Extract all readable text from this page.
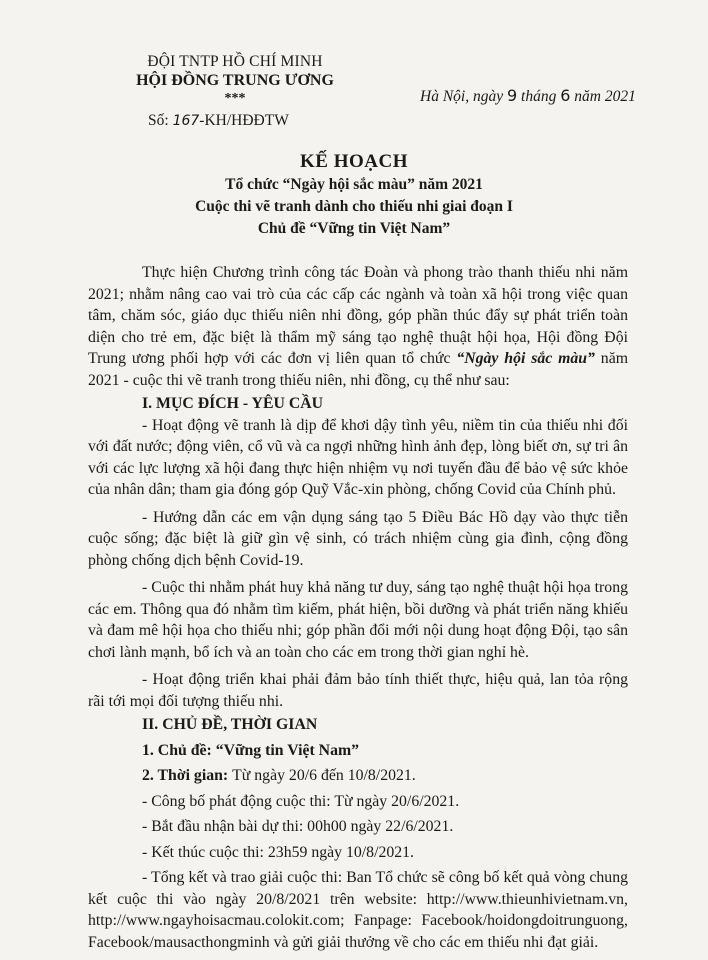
ĐỘI TNTP HỒ CHÍ MINH
HỘI ĐỒNG TRUNG ƯƠNG
***	Hà Nội, ngày 9 tháng 6 năm 2021
Số: 167-KH/HĐĐTW
KẾ HOẠCH
Tổ chức “Ngày hội sắc màu” năm 2021
Cuộc thi vẽ tranh dành cho thiếu nhi giai đoạn I
Chủ đề “Vững tin Việt Nam”

Thực hiện Chương trình công tác Đoàn và phong trào thanh thiếu nhi năm 2021; nhằm nâng cao vai trò của các cấp các ngành và toàn xã hội trong việc quan tâm, chăm sóc, giáo dục thiếu niên nhi đồng, góp phần thúc đẩy sự phát triển toàn diện cho trẻ em, đặc biệt là thẩm mỹ sáng tạo nghệ thuật hội họa, Hội đồng Đội Trung ương phối hợp với các đơn vị liên quan tổ chức “Ngày hội sắc màu” năm 2021 - cuộc thi vẽ tranh trong thiếu niên, nhi đồng, cụ thể như sau:

I. MỤC ĐÍCH - YÊU CẦU

- Hoạt động vẽ tranh là dịp để khơi dậy tình yêu, niềm tin của thiếu nhi đối với đất nước; động viên, cổ vũ và ca ngợi những hình ảnh đẹp, lòng biết ơn, sự tri ân với các lực lượng xã hội đang thực hiện nhiệm vụ nơi tuyến đầu để bảo vệ sức khỏe của nhân dân; tham gia đóng góp Quỹ Vắc-xin phòng, chống Covid của Chính phủ.

- Hướng dẫn các em vận dụng sáng tạo 5 Điều Bác Hồ dạy vào thực tiễn cuộc sống; đặc biệt là giữ gìn vệ sinh, có trách nhiệm cùng gia đình, cộng đồng phòng chống dịch bệnh Covid-19.

- Cuộc thi nhằm phát huy khả năng tư duy, sáng tạo nghệ thuật hội họa trong các em. Thông qua đó nhằm tìm kiếm, phát hiện, bồi dưỡng và phát triển năng khiếu và đam mê hội họa cho thiếu nhi; góp phần đổi mới nội dung hoạt động Đội, tạo sân chơi lành mạnh, bổ ích và an toàn cho các em trong thời gian nghỉ hè.

- Hoạt động triển khai phải đảm bảo tính thiết thực, hiệu quả, lan tỏa rộng rãi tới mọi đối tượng thiếu nhi.

II. CHỦ ĐỀ, THỜI GIAN

1. Chủ đề: “Vững tin Việt Nam”

2. Thời gian: Từ ngày 20/6 đến 10/8/2021.

- Công bố phát động cuộc thi: Từ ngày 20/6/2021.

- Bắt đầu nhận bài dự thi: 00h00 ngày 22/6/2021.

- Kết thúc cuộc thi: 23h59 ngày 10/8/2021.

- Tổng kết và trao giải cuộc thi: Ban Tổ chức sẽ công bố kết quả vòng chung kết cuộc thi vào ngày 20/8/2021 trên website: http://www.thieunhivietnam.vn, http://www.ngayhoisacmau.colokit.com; Fanpage: Facebook/hoidongdoitrunguong, Facebook/mausacthongminh và gửi giải thưởng về cho các em thiếu nhi đạt giải.
